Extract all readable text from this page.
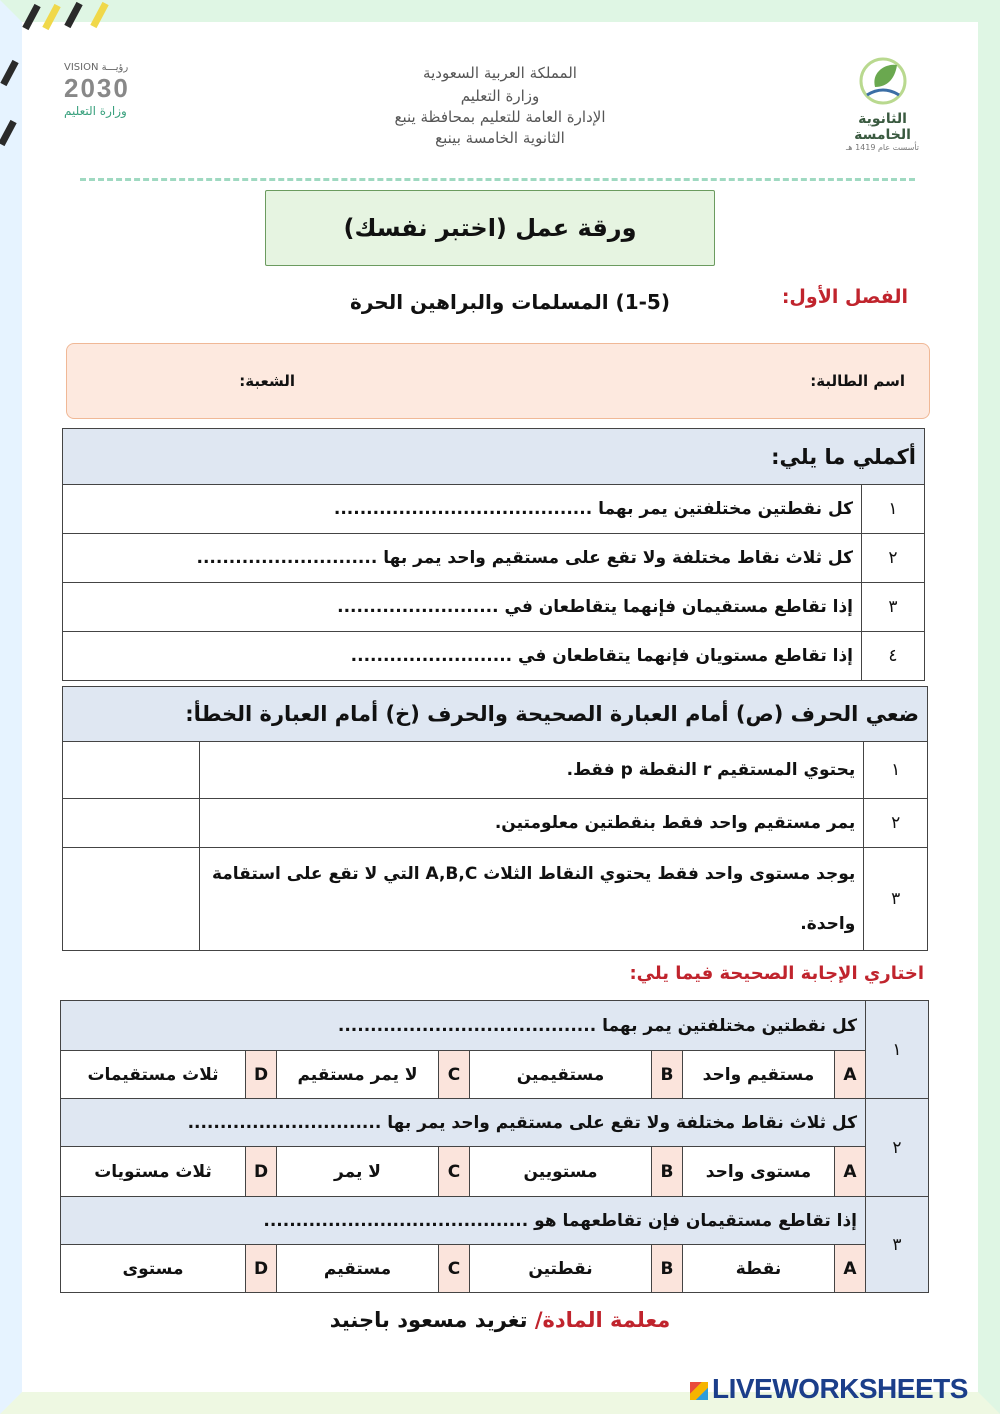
المملكة العربية السعودية
وزارة التعليم
الإدارة العامة للتعليم بمحافظة ينبع
الثانوية الخامسة بينبع
الثانوية الخامسة
تأسست عام 1419 هـ
VISION رؤيـــة
2030
وزارة التعليم
ورقة عمل (اختبر نفسك)
الفصل الأول:
(1-5) المسلمات والبراهين الحرة
اسم الطالبة:
الشعبة:
أكملي ما يلي:	
١	كل نقطتين مختلفتين يمر بهما ........................................
٢	كل ثلاث نقاط مختلفة ولا تقع على مستقيم واحد يمر بها ............................
٣	إذا تقاطع مستقيمان فإنهما يتقاطعان في .........................
٤	إذا تقاطع مستويان فإنهما يتقاطعان في .........................
ضعي الحرف (ص) أمام العبارة الصحيحة والحرف (خ) أمام العبارة الخطأ:		
١	يحتوي المستقيم r النقطة p فقط.	
٢	يمر مستقيم واحد فقط بنقطتين معلومتين.	
٣	يوجد مستوى واحد فقط يحتوي النقاط الثلاث A,B,C التي لا تقع على استقامة واحدة.	
اختاري الإجابة الصحيحة فيما يلي:
١	كل نقطتين مختلفتين يمر بهما ........................................							
	A	مستقيم واحد	B	مستقيمين	C	لا يمر مستقيم	D	ثلاث مستقيمات
٢	كل ثلاث نقاط مختلفة ولا تقع على مستقيم واحد يمر بها ..............................							
	A	مستوى واحد	B	مستويين	C	لا يمر	D	ثلاث مستويات
٣	إذا تقاطع مستقيمان فإن تقاطعهما هو .........................................							
	A	نقطة	B	نقطتين	C	مستقيم	D	مستوى
معلمة المادة/ تغريد مسعود باجنيد
LIVEWORKSHEETS
